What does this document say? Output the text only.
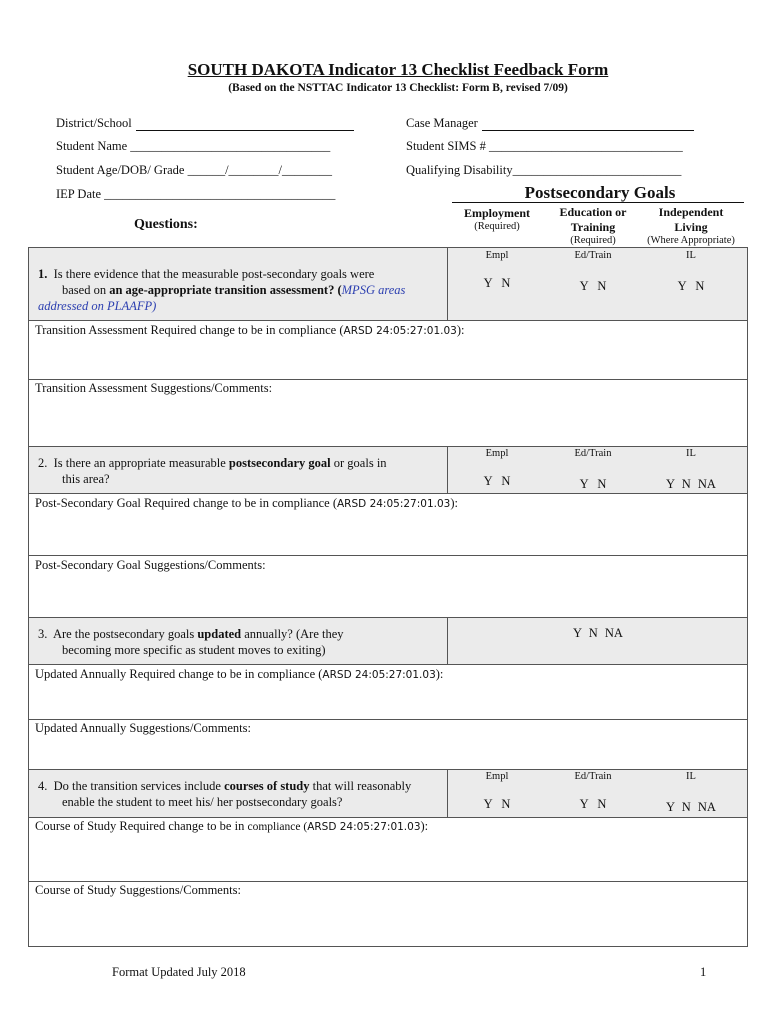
SOUTH DAKOTA Indicator 13 Checklist Feedback Form
(Based on the NSTTAC Indicator 13 Checklist: Form B, revised 7/09)
District/School	Case Manager
Student Name ________________________________	Student SIMS # _______________________________
Student Age/DOB/ Grade ______/________/________	Qualifying Disability___________________________
IEP Date _____________________________________	Postsecondary Goals
Questions:
Employment
(Required)
Education or
Training
(Required)
Independent
Living
(Where Appropriate)
1. Is there evidence that the measurable post-secondary goals were
based on an age-appropriate transition assessment? (MPSG areas
addressed on PLAAFP)
Empl	Ed/Train	IL
Y N	Y N	Y N
Transition Assessment Required change to be in compliance (ARSD 24:05:27:01.03):
Transition Assessment Suggestions/Comments:
2. Is there an appropriate measurable postsecondary goal or goals in
this area?
Empl	Ed/Train	IL
Y N	Y N	Y N NA
Post-Secondary Goal Required change to be in compliance (ARSD 24:05:27:01.03):
Post-Secondary Goal Suggestions/Comments:
3. Are the postsecondary goals updated annually? (Are they
becoming more specific as student moves to exiting)
Y N NA
Updated Annually Required change to be in compliance (ARSD 24:05:27:01.03):
Updated Annually Suggestions/Comments:
4. Do the transition services include courses of study that will reasonably
enable the student to meet his/ her postsecondary goals?
Empl	Ed/Train	IL
Y N	Y N	Y N NA
Course of Study Required change to be in compliance (ARSD 24:05:27:01.03):
Course of Study Suggestions/Comments:
Format Updated July 2018	1
